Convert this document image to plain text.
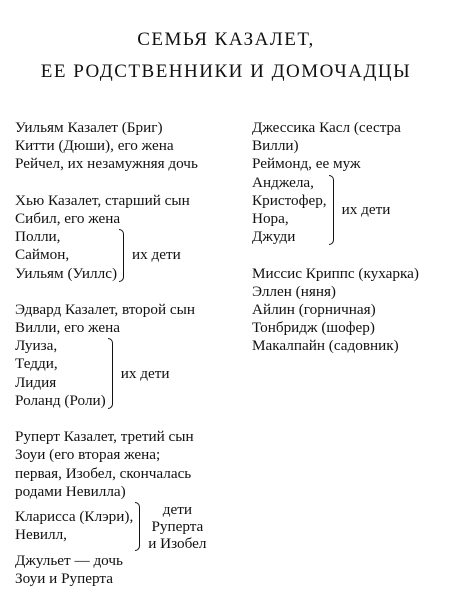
СЕМЬЯ КАЗАЛЕТ,
ЕЕ РОДСТВЕННИКИ И ДОМОЧАДЦЫ
Уильям Казалет (Бриг)
Китти (Дюши), его жена
Рейчел, их незамужняя дочь
Хью Казалет, старший сын
Сибил, его жена
Полли,
Саймон,
Уильям (Уиллс)
их дети
Эдвард Казалет, второй сын
Вилли, его жена
Луиза,
Тедди,
Лидия
Роланд (Роли)
их дети
Руперт Казалет, третий сын
Зоуи (его вторая жена;
первая, Изобел, скончалась
родами Невилла)
Кларисса (Клэри),
Невилл,
дети
Руперта
и Изобел
Джульет — дочь
Зоуи и Руперта
Джессика Касл (сестра
Вилли)
Реймонд, ее муж
Анджела,
Кристофер,
Нора,
Джуди
их дети
Миссис Криппс (кухарка)
Эллен (няня)
Айлин (горничная)
Тонбридж (шофер)
Макалпайн (садовник)
